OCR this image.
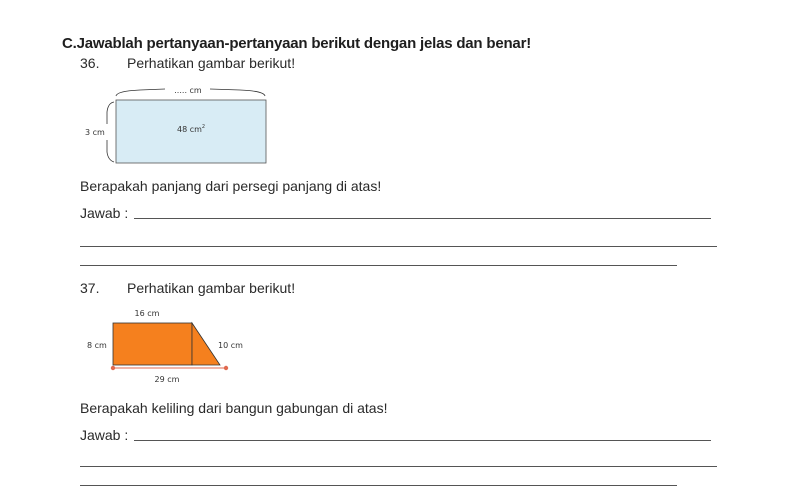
C.Jawablah pertanyaan-pertanyaan berikut dengan jelas dan benar!
36. Perhatikan gambar berikut!
..... cm
3 cm	48 $cm^2$
Berapakah panjang dari persegi panjang di atas!
Jawab :
37. Perhatikan gambar berikut!
16 cm
8 cm	10 cm
29 cm
Berapakah keliling dari bangun gabungan di atas!
Jawab :
